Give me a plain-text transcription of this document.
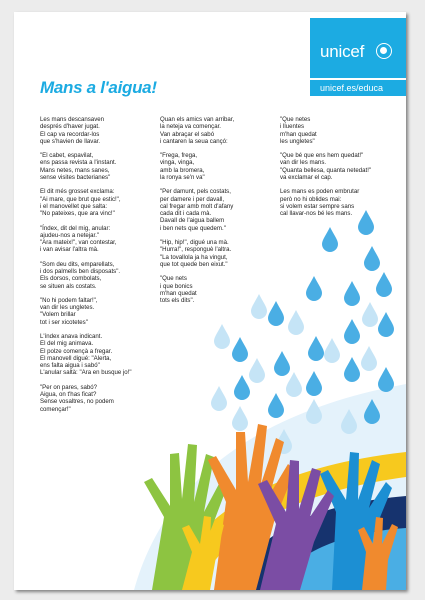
unicef
unicef.es/educa
Mans a l'aigua!

Les mans descansaven
després d'haver jugat.
El cap va recordar-los
que s'havien de llavar.

"El cabet, espavilat,
ens passa revista a l'instant.
Mans netes, mans sanes,
sense visites bacterianes"

El dit més grosset exclama:
"Ai mare, que brut que estic!",
i el manovellet que salta:
"No pateixes, que ara vinc!"

"Índex, dit del mig, anular:
ajudeu-nos a netejar."
"Ara mateix!", van contestar,
i van avisar l'altra mà.

"Som deu dits, emparellats,
i dos palmells ben disposats".
Els dorsos, combolats,
se situen als costats.

"No hi podem faltar!",
van dir les ungletes.
"Volem brillar
tot i ser xicotetes"

L'índex anava indicant.
El del mig animava.
El polze començà a fregar.
El manovell digué: "Alerta,
ens falta aigua i sabó"
L'anular saltà: "Ara en busque jo!"

"Per on pares, sabó?
Aigua, on t'has ficat?
Sense vosaltres, no podem
començar!"

Quan els amics van arribar,
la neteja va començar.
Van abraçar el sabó
i cantaren la seua cançó:

"Frega, frega,
vinga, vinga,
amb la bromera,
la ronya se'n va"

"Per damunt, pels costats,
per damere i per davall,
cal fregar amb molt d'afany
cada dit i cada mà.
Davall de l'aigua ballem
i ben nets que quedem."

"Hip, hip!", digué una mà.
"Hurra!", responguè l'altra.
"La tovallola ja ha vingut,
que tot quede ben eixut."

"Que nets
i que bonics
m'han quedat
tots els dits".

"Que netes
i lluentes
m'han quedat
les ungletes"

"Que bé que ens hem quedat!"
van dir les mans.
"Quanta bellesa, quanta netedat!"
va exclamar el cap.

Les mans es poden embrutar
però no hi oblides mai:
si volem estar sempre sans
cal llavar-nos bé les mans.
